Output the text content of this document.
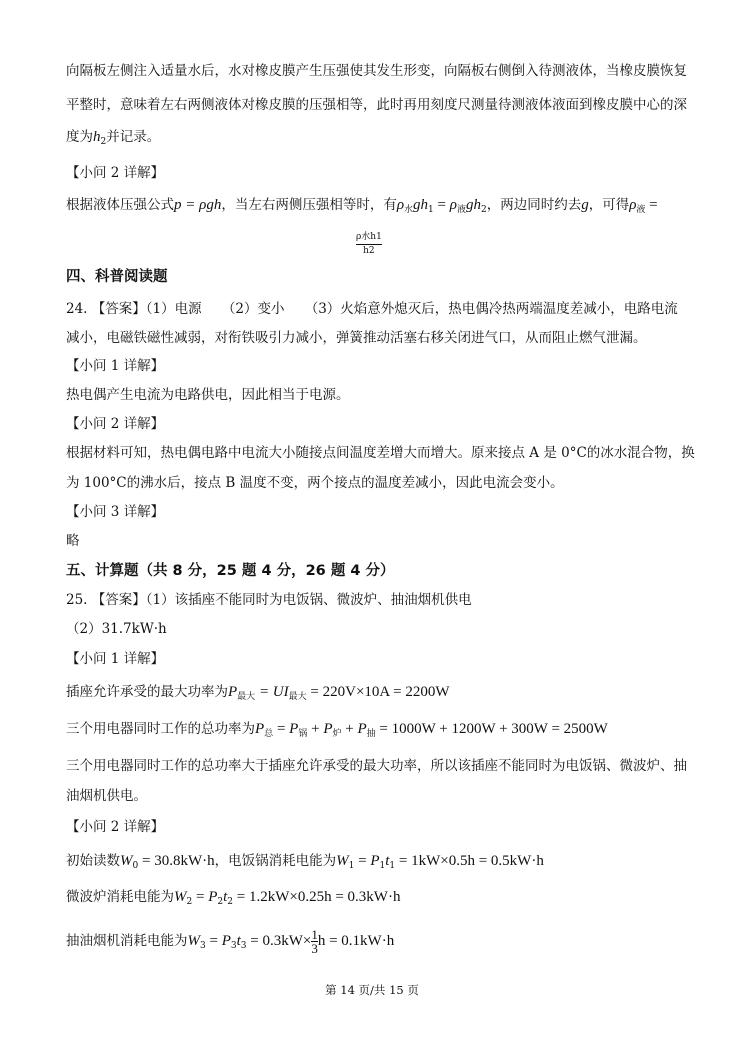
向隔板左侧注入适量水后，水对橡皮膜产生压强使其发生形变，向隔板右侧倒入待测液体，当橡皮膜恢复
平整时，意味着左右两侧液体对橡皮膜的压强相等，此时再用刻度尺测量待测液体液面到橡皮膜中心的深
度为$h_2$并记录。
【小问 2 详解】
根据液体压强公式p = ρgh，当左右两侧压强相等时，有$\rho_水gh_1 = \rho_液gh_2$，两边同时约去g，可得$\rho_液$ =
ρ水h1
h2
四、科普阅读题
24. 【答案】（1）电源　　（2）变小　　（3）火焰意外熄灭后，热电偶冷热两端温度差减小，电路电流
减小，电磁铁磁性减弱，对衔铁吸引力减小，弹簧推动活塞右移关闭进气口，从而阻止燃气泄漏。
【小问 1 详解】
热电偶产生电流为电路供电，因此相当于电源。
【小问 2 详解】
根据材料可知，热电偶电路中电流大小随接点间温度差增大而增大。原来接点 A 是 0°C的冰水混合物，换
为 100°C的沸水后，接点 B 温度不变，两个接点的温度差减小，因此电流会变小。
【小问 3 详解】
略
五、计算题（共 8 分，25 题 4 分，26 题 4 分）
25. 【答案】（1）该插座不能同时为电饭锅、微波炉、抽油烟机供电
（2）31.7kW·h
【小问 1 详解】
插座允许承受的最大功率为$P_{最大} = UI_{最大} = 220V\times 10A = 2200W$
三个用电器同时工作的总功率为$P_总 = P_锅 + P_炉 + P_抽 = 1000W + 1200W + 300W = 2500W$
三个用电器同时工作的总功率大于插座允许承受的最大功率，所以该插座不能同时为电饭锅、微波炉、抽
油烟机供电。
【小问 2 详解】
初始读数$W_0 = 30.8kW\cdot h$，电饭锅消耗电能为$W_1 = P_1t_1 = 1kW\times 0.5h = 0.5kW\cdot h$
微波炉消耗电能为$W_2 = P_2t_2 = 1.2kW\times 0.25h = 0.3kW\cdot h$
抽油烟机消耗电能为$W_3 = P_3t_3 = 0.3kW\times \frac{1}{3}$ h = 0.1kW·h
第 14 页/共 15 页
